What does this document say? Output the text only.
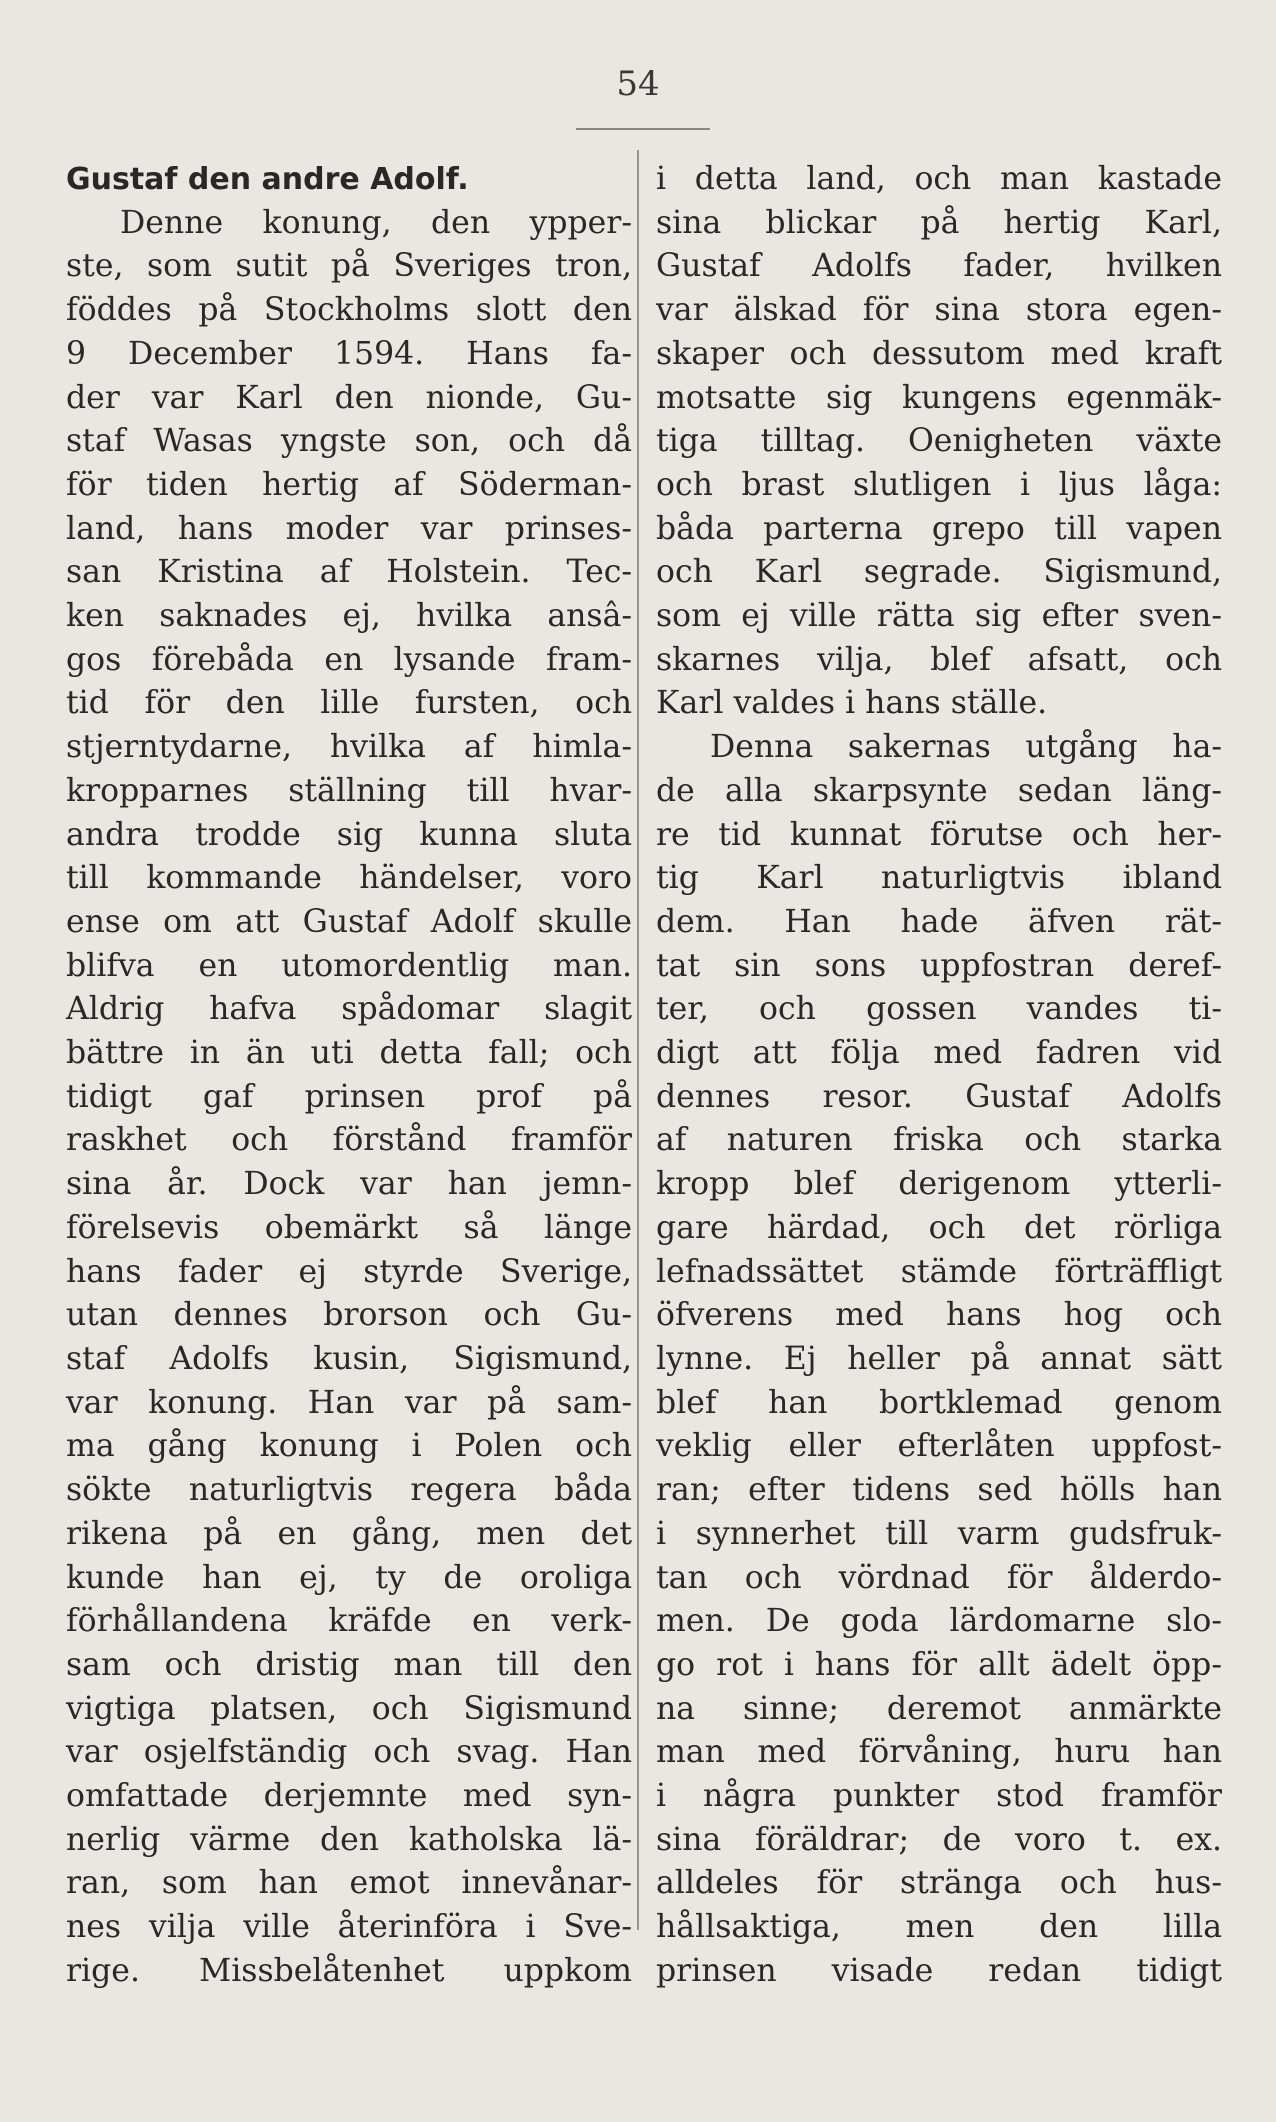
54
Gustaf den andre Adolf.
Denne konung, den ypper-
ste, som sutit på Sveriges tron,
föddes på Stockholms slott den
9 December 1594. Hans fa-
der var Karl den nionde, Gu-
staf Wasas yngste son, och då
för tiden hertig af Söderman-
land, hans moder var prinses-
san Kristina af Holstein. Tec-
ken saknades ej, hvilka ansâ-
gos förebåda en lysande fram-
tid för den lille fursten, och
stjerntydarne, hvilka af himla-
kropparnes ställning till hvar-
andra trodde sig kunna sluta
till kommande händelser, voro
ense om att Gustaf Adolf skulle
blifva en utomordentlig man.
Aldrig hafva spådomar slagit
bättre in än uti detta fall; och
tidigt gaf prinsen prof på
raskhet och förstånd framför
sina år. Dock var han jemn-
förelsevis obemärkt så länge
hans fader ej styrde Sverige,
utan dennes brorson och Gu-
staf Adolfs kusin, Sigismund,
var konung. Han var på sam-
ma gång konung i Polen och
sökte naturligtvis regera båda
rikena på en gång, men det
kunde han ej, ty de oroliga
förhållandena kräfde en verk-
sam och dristig man till den
vigtiga platsen, och Sigismund
var osjelfständig och svag. Han
omfattade derjemnte med syn-
nerlig värme den katholska lä-
ran, som han emot innevånar-
nes vilja ville återinföra i Sve-
rige. Missbelåtenhet uppkom
i detta land, och man kastade
sina blickar på hertig Karl,
Gustaf Adolfs fader, hvilken
var älskad för sina stora egen-
skaper och dessutom med kraft
motsatte sig kungens egenmäk-
tiga tilltag. Oenigheten växte
och brast slutligen i ljus låga:
båda parterna grepo till vapen
och Karl segrade. Sigismund,
som ej ville rätta sig efter sven-
skarnes vilja, blef afsatt, och
Karl valdes i hans ställe.
Denna sakernas utgång ha-
de alla skarpsynte sedan läng-
re tid kunnat förutse och her-
tig Karl naturligtvis ibland
dem. Han hade äfven rät-
tat sin sons uppfostran deref-
ter, och gossen vandes ti-
digt att följa med fadren vid
dennes resor. Gustaf Adolfs
af naturen friska och starka
kropp blef derigenom ytterli-
gare härdad, och det rörliga
lefnadssättet stämde förträffligt
öfverens med hans hog och
lynne. Ej heller på annat sätt
blef han bortklemad genom
veklig eller efterlåten uppfost-
ran; efter tidens sed hölls han
i synnerhet till varm gudsfruk-
tan och vördnad för ålderdo-
men. De goda lärdomarne slo-
go rot i hans för allt ädelt öpp-
na sinne; deremot anmärkte
man med förvåning, huru han
i några punkter stod framför
sina föräldrar; de voro t. ex.
alldeles för stränga och hus-
hållsaktiga, men den lilla
prinsen visade redan tidigt
